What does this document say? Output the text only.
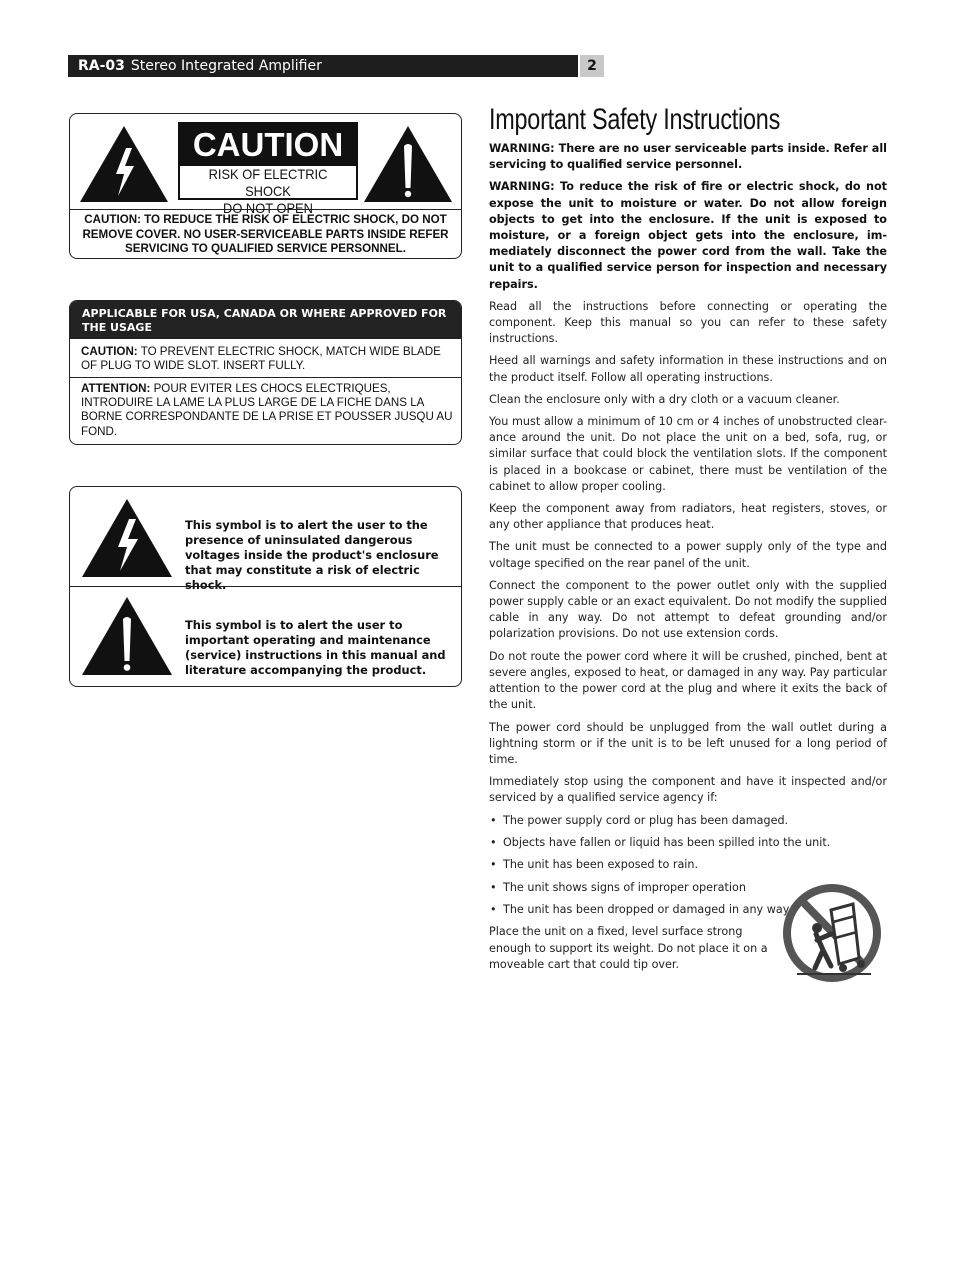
RA-03 Stereo Integrated Amplifier	2
CAUTION
RISK OF ELECTRIC SHOCK
DO NOT OPEN
CAUTION: TO REDUCE THE RISK OF ELECTRIC SHOCK, DO NOT REMOVE COVER. NO USER-SERVICEABLE PARTS INSIDE REFER SERVICING TO QUALIFIED SERVICE PERSONNEL.
APPLICABLE FOR USA, CANADA OR WHERE APPROVED FOR THE USAGE
CAUTION: TO PREVENT ELECTRIC SHOCK, MATCH WIDE BLADE OF PLUG TO WIDE SLOT. INSERT FULLY.
ATTENTION: POUR EVITER LES CHOCS ELECTRIQUES, INTRODUIRE LA LAME LA PLUS LARGE DE LA FICHE DANS LA BORNE CORRESPONDANTE DE LA PRISE ET POUSSER JUSQU AU FOND.
This symbol is to alert the user to the presence of uninsulated dangerous voltages inside the product's enclosure that may constitute a risk of electric shock.
This symbol is to alert the user to important operating and maintenance (service) instructions in this manual and literature accompanying the product.
Important Safety Instructions

WARNING: There are no user serviceable parts inside. Refer all servicing to qualified service personnel.

WARNING: To reduce the risk of fire or electric shock, do not expose the unit to moisture or water. Do not allow foreign objects to get into the enclosure. If the unit is exposed to moisture, or a foreign object gets into the enclosure, im-mediately disconnect the power cord from the wall. Take the unit to a qualified service person for inspection and necessary repairs.

Read all the instructions before connecting or operating the component. Keep this manual so you can refer to these safety instructions.

Heed all warnings and safety information in these instructions and on the product itself. Follow all operating instructions.

Clean the enclosure only with a dry cloth or a vacuum cleaner.

You must allow a minimum of 10 cm or 4 inches of unobstructed clear-ance around the unit. Do not place the unit on a bed, sofa, rug, or similar surface that could block the ventilation slots. If the component is placed in a bookcase or cabinet, there must be ventilation of the cabinet to allow proper cooling.

Keep the component away from radiators, heat registers, stoves, or any other appliance that produces heat.

The unit must be connected to a power supply only of the type and voltage specified on the rear panel of the unit.

Connect the component to the power outlet only with the supplied power supply cable or an exact equivalent. Do not modify the supplied cable in any way. Do not attempt to defeat grounding and/or polarization provisions. Do not use extension cords.

Do not route the power cord where it will be crushed, pinched, bent at severe angles, exposed to heat, or damaged in any way. Pay particular attention to the power cord at the plug and where it exits the back of the unit.

The power cord should be unplugged from the wall outlet during a lightning storm or if the unit is to be left unused for a long period of time.

Immediately stop using the component and have it inspected and/or serviced by a qualified service agency if:

• The power supply cord or plug has been damaged.
• Objects have fallen or liquid has been spilled into the unit.
• The unit has been exposed to rain.
• The unit shows signs of improper operation
• The unit has been dropped or damaged in any way

Place the unit on a fixed, level surface strong enough to support its weight. Do not place it on a moveable cart that could tip over.
